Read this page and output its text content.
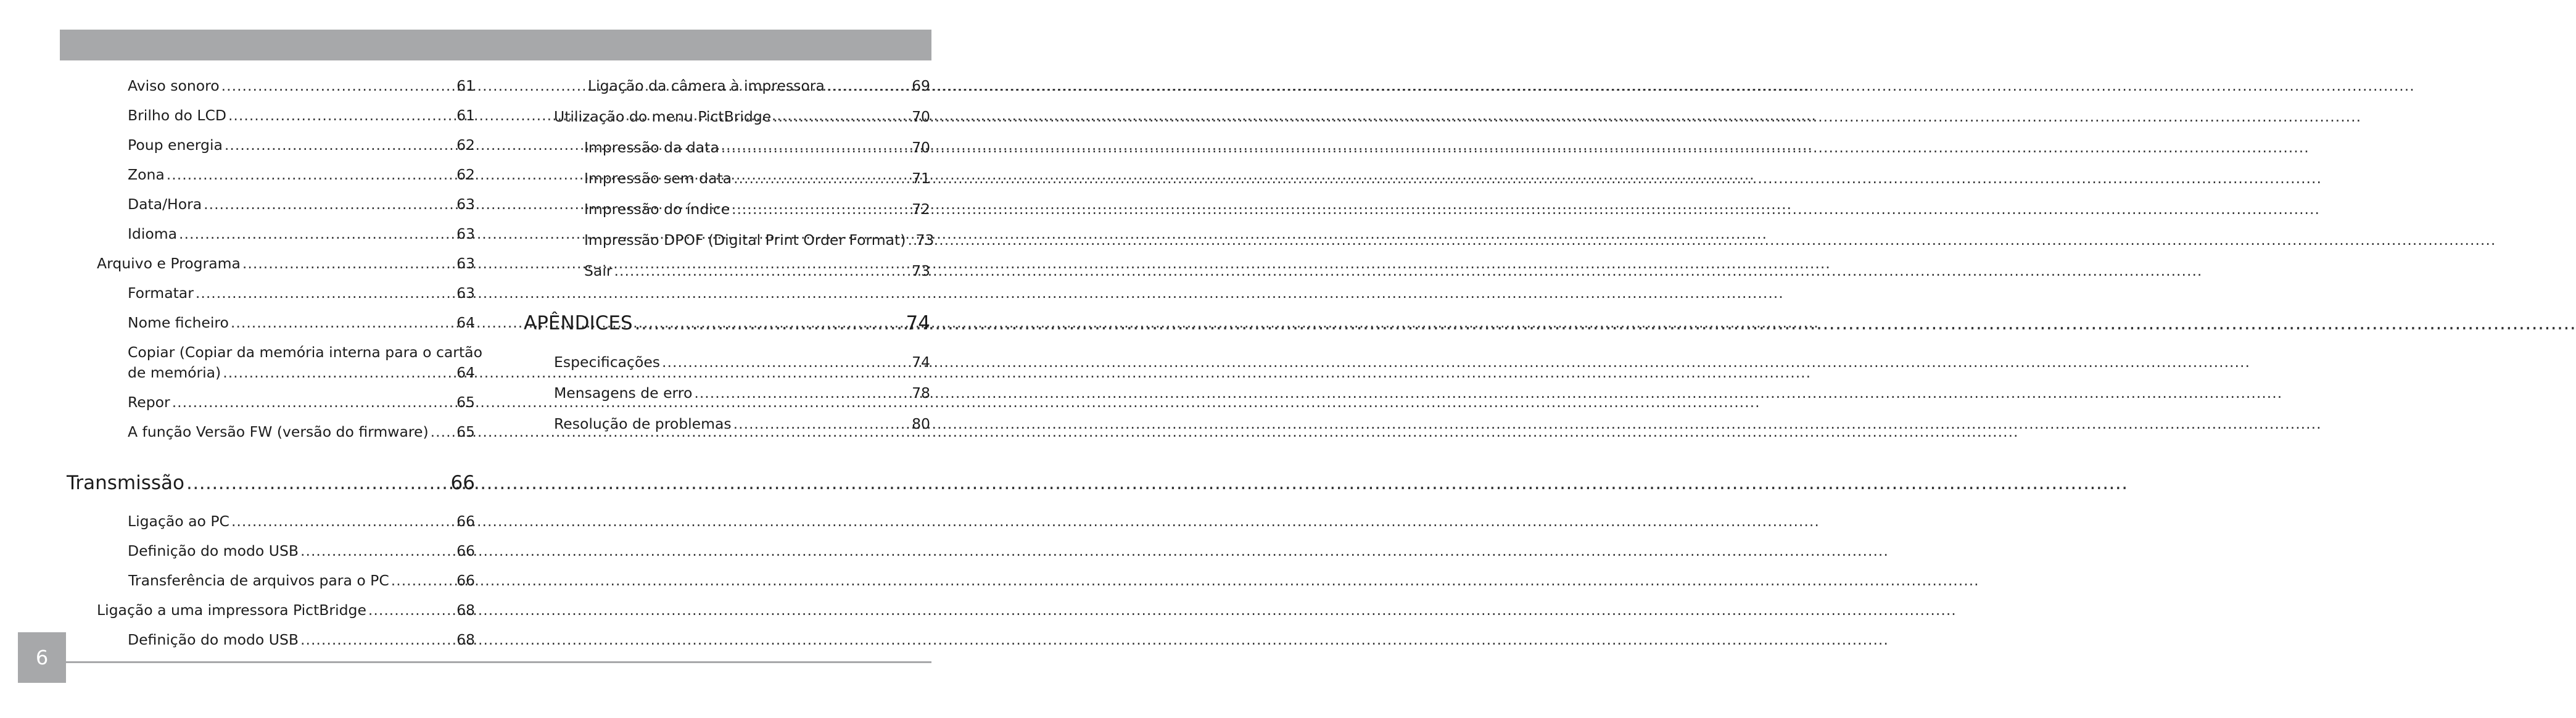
Aviso sonoro .....	61
Brilho do LCD .....	61
Poup energia .....	62
Zona .....	62
Data/Hora .....	63
Idioma .....	63
Arquivo e Programa .....	63
Formatar .....	63
Nome ficheiro .....	64
Copiar (Copiar da memória interna para o cartão
de memória) .....	64
Repor .....	65
A função Versão FW (versão do firmware) ..... 65
Transmissão .....	66
Ligação ao PC .....	66
Definição do modo USB .....	66
Transferência de arquivos para o PC .....	66
Ligação a uma impressora PictBridge .....	68
Definição do modo USB .....	68
Ligação da câmera à impressora .....	69
Utilização do menu PictBridge .....	70
Impressão da data .....	70
Impressão sem data .....	71
Impressão do índice .....	72
Impressão DPOF (Digital Print Order Format) ..... 73
Sair .....	73
APÊNDICES .....	74
Especificações .....	74
Mensagens de erro .....	78
Resolução de problemas .....	80
6
